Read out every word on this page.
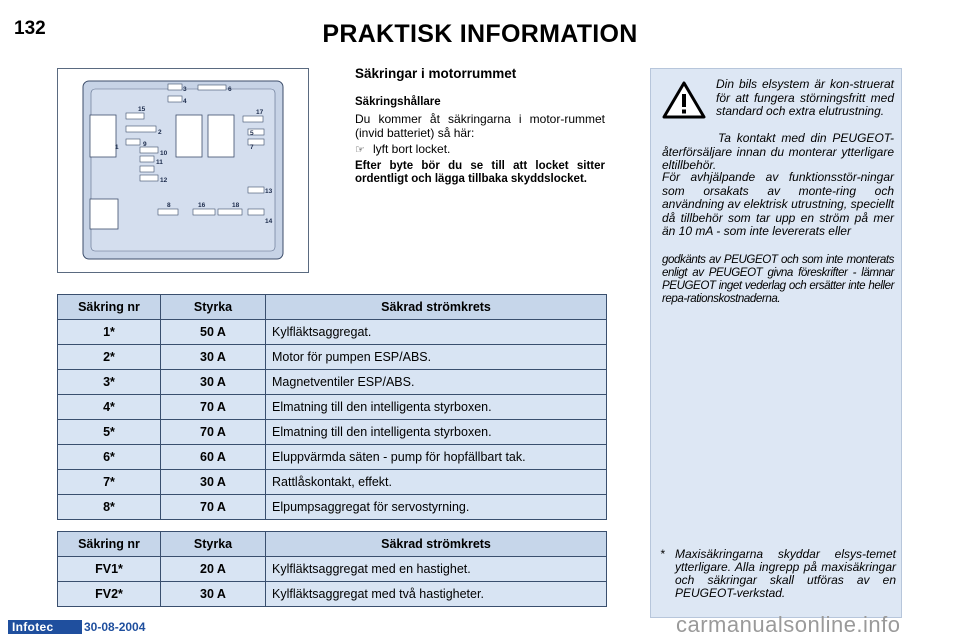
132	PRAKTISK INFORMATION
1
2
3
4
5
6
7
8
9
10
11
12
13
14
15
16
17
18
Säkringar i motorrummet
Säkringshållare
Du kommer åt säkringarna i motor-rummet (invid batteriet) så här:
☞ lyft bort locket.
Efter byte bör du se till att locket sitter ordentligt och lägga tillbaka skyddslocket.
Din bils elsystem är kon-struerat för att fungera störningsfritt med standard och extra elutrustning.
Ta kontakt med din PEUGEOT-återförsäljare innan du monterar ytterligare eltillbehör.
För avhjälpande av funktionsstör-ningar som orsakats av monte-ring och användning av elektrisk utrustning, speciellt då tillbehör som tar upp en ström på mer än 10 mA - som inte levererats eller
godkänts av PEUGEOT och som inte monterats enligt av PEUGEOT givna föreskrifter - lämnar PEUGEOT inget vederlag och ersätter inte heller repa-rationskostnaderna.
* Maxisäkringarna skyddar elsys-temet ytterligare. Alla ingrepp på maxisäkringar och säkringar skall utföras av en PEUGEOT-verkstad.
Säkring nr	Styrka	Säkrad strömkrets
1*	50 A	Kylfläktsaggregat.
2*	30 A	Motor för pumpen ESP/ABS.
3*	30 A	Magnetventiler ESP/ABS.
4*	70 A	Elmatning till den intelligenta styrboxen.
5*	70 A	Elmatning till den intelligenta styrboxen.
6*	60 A	Eluppvärmda säten - pump för hopfällbart tak.
7*	30 A	Rattlåskontakt, effekt.
8*	70 A	Elpumpsaggregat för servostyrning.
Säkring nr	Styrka	Säkrad strömkrets
FV1*	20 A	Kylfläktsaggregat med en hastighet.
FV2*	30 A	Kylfläktsaggregat med två hastigheter.
Infotec	30-08-2004	carmanualsonline.info
